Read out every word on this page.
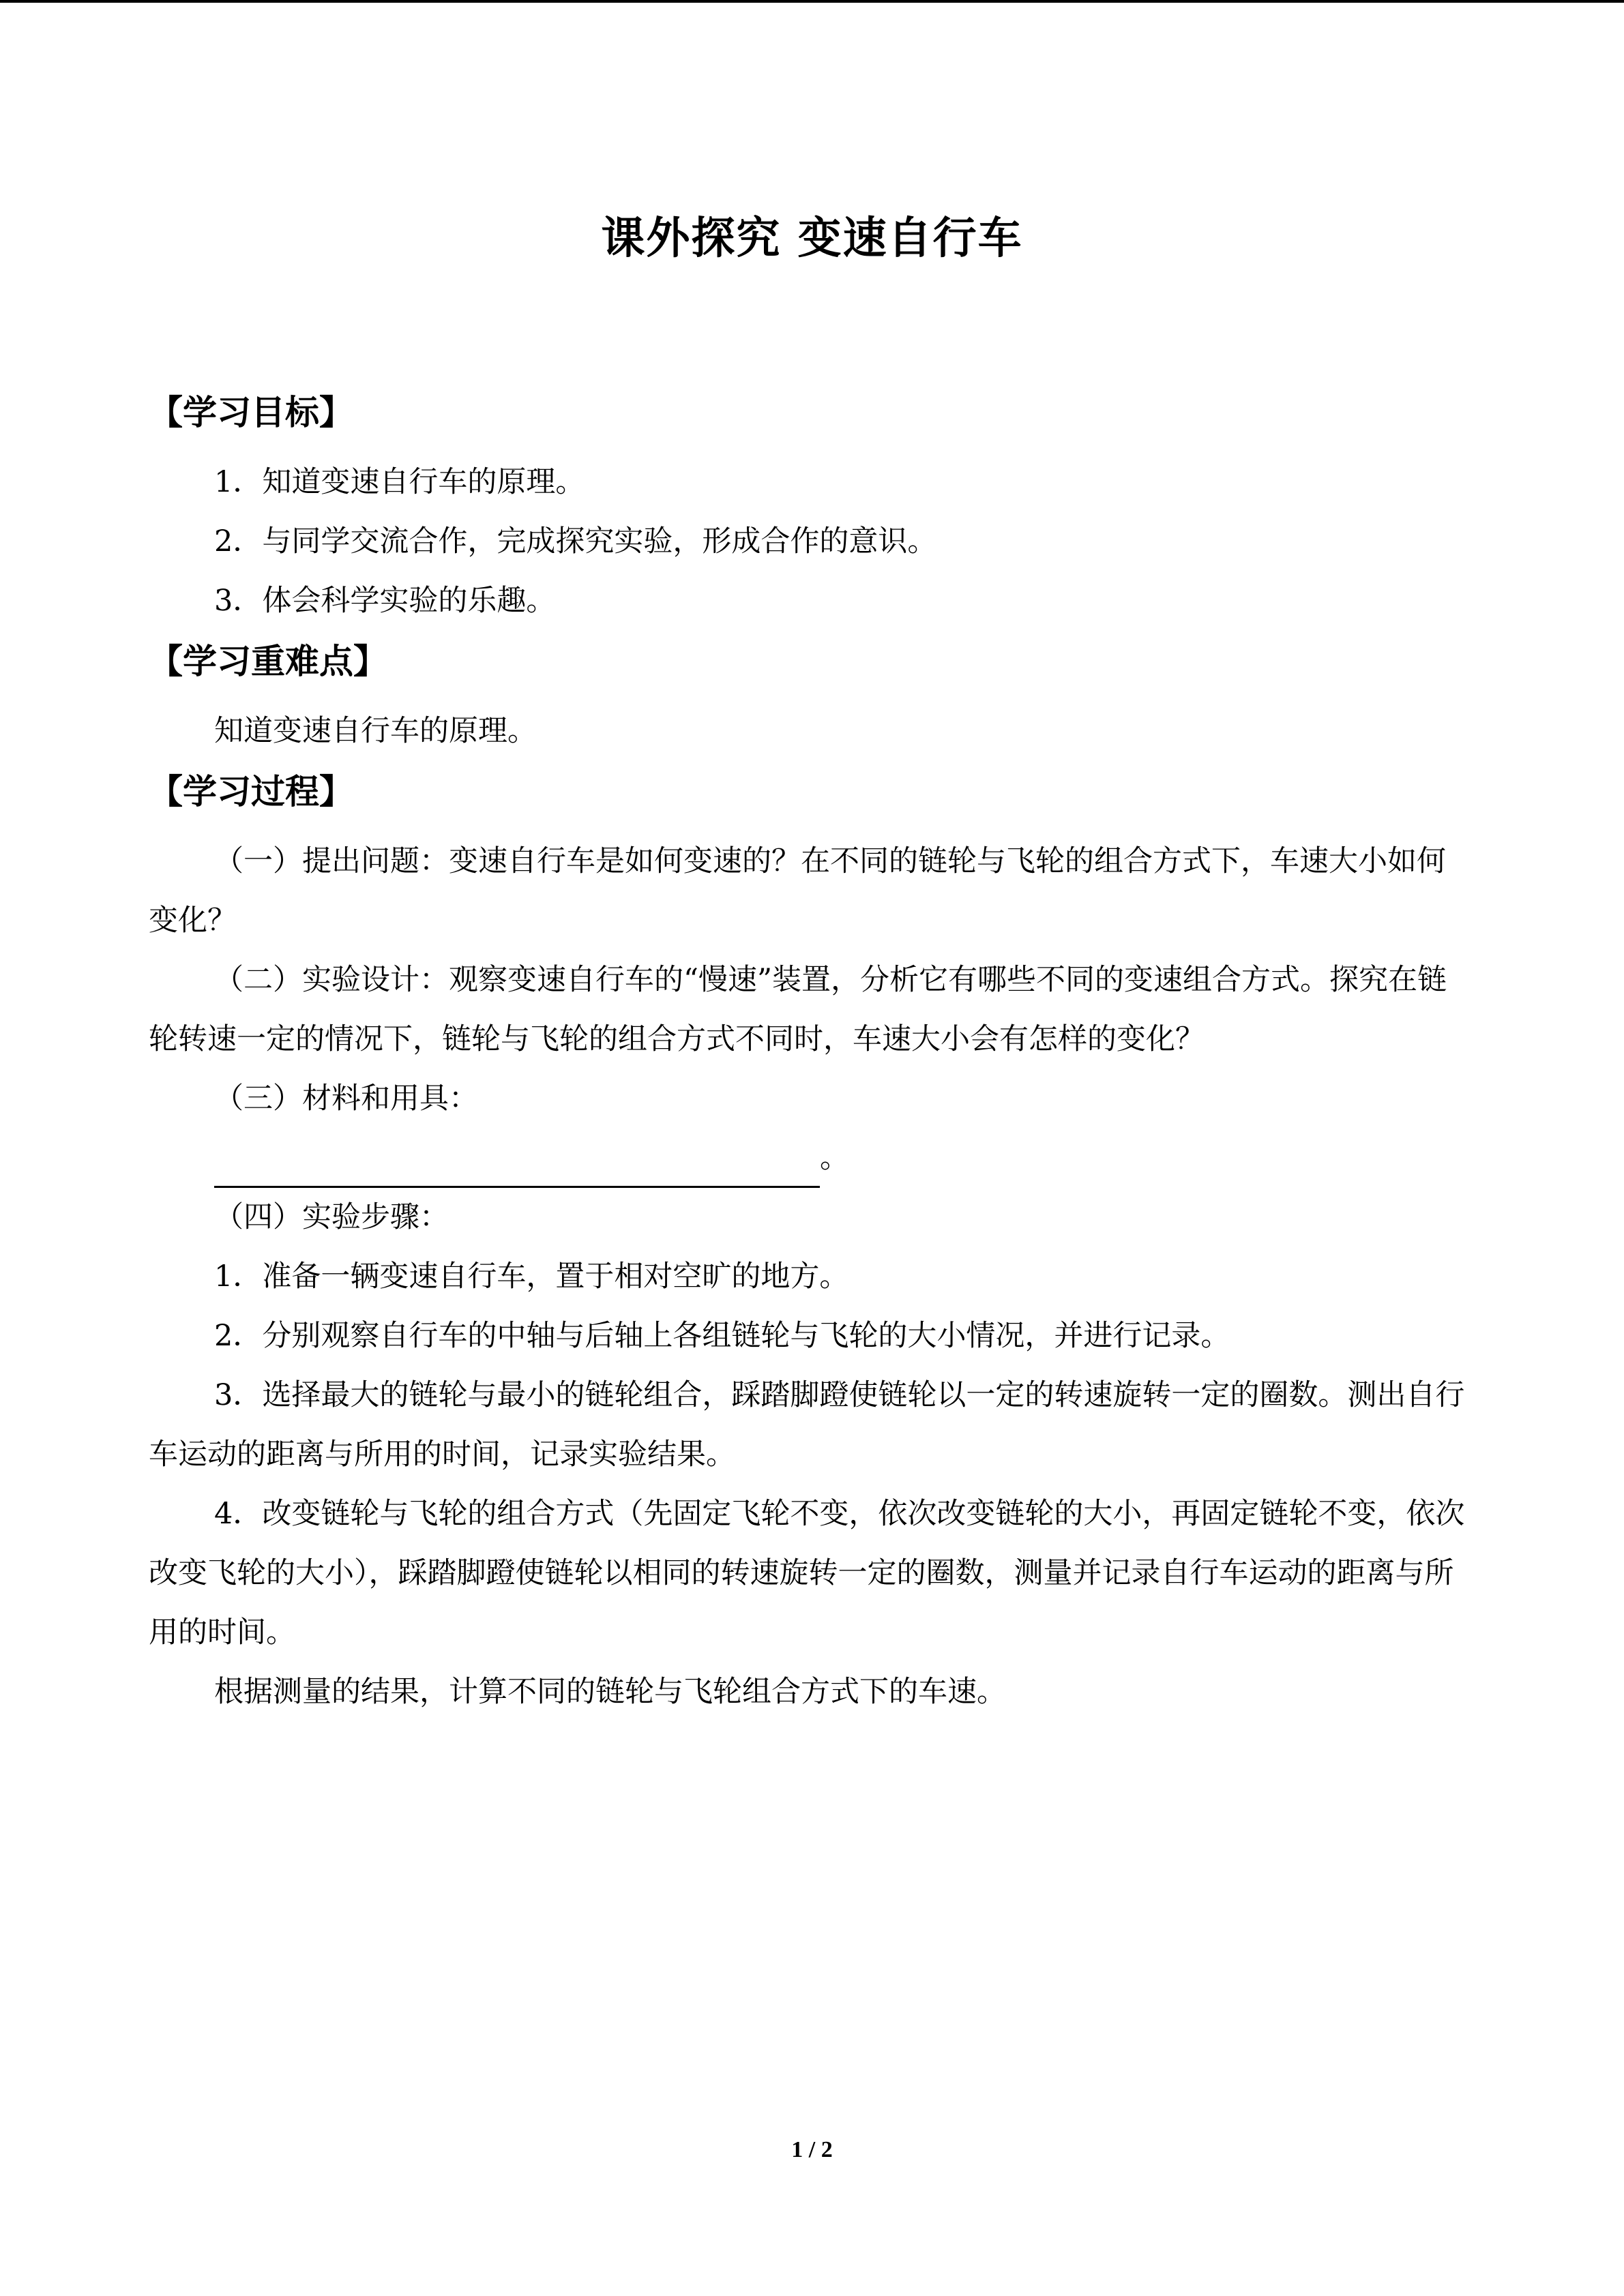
课外探究 变速自行车

【学习目标】

1．知道变速自行车的原理。

2．与同学交流合作，完成探究实验，形成合作的意识。

3．体会科学实验的乐趣。

【学习重难点】

知道变速自行车的原理。

【学习过程】

（一）提出问题：变速自行车是如何变速的？在不同的链轮与飞轮的组合方式下，车速大小如何变化？

（二）实验设计：观察变速自行车的“慢速”装置，分析它有哪些不同的变速组合方式。探究在链轮转速一定的情况下，链轮与飞轮的组合方式不同时，车速大小会有怎样的变化？

（三）材料和用具：

。

（四）实验步骤：

1．准备一辆变速自行车，置于相对空旷的地方。

2．分别观察自行车的中轴与后轴上各组链轮与飞轮的大小情况，并进行记录。

3．选择最大的链轮与最小的链轮组合，踩踏脚蹬使链轮以一定的转速旋转一定的圈数。测出自行车运动的距离与所用的时间，记录实验结果。

4．改变链轮与飞轮的组合方式（先固定飞轮不变，依次改变链轮的大小，再固定链轮不变，依次改变飞轮的大小），踩踏脚蹬使链轮以相同的转速旋转一定的圈数，测量并记录自行车运动的距离与所用的时间。

根据测量的结果，计算不同的链轮与飞轮组合方式下的车速。

1 / 2
